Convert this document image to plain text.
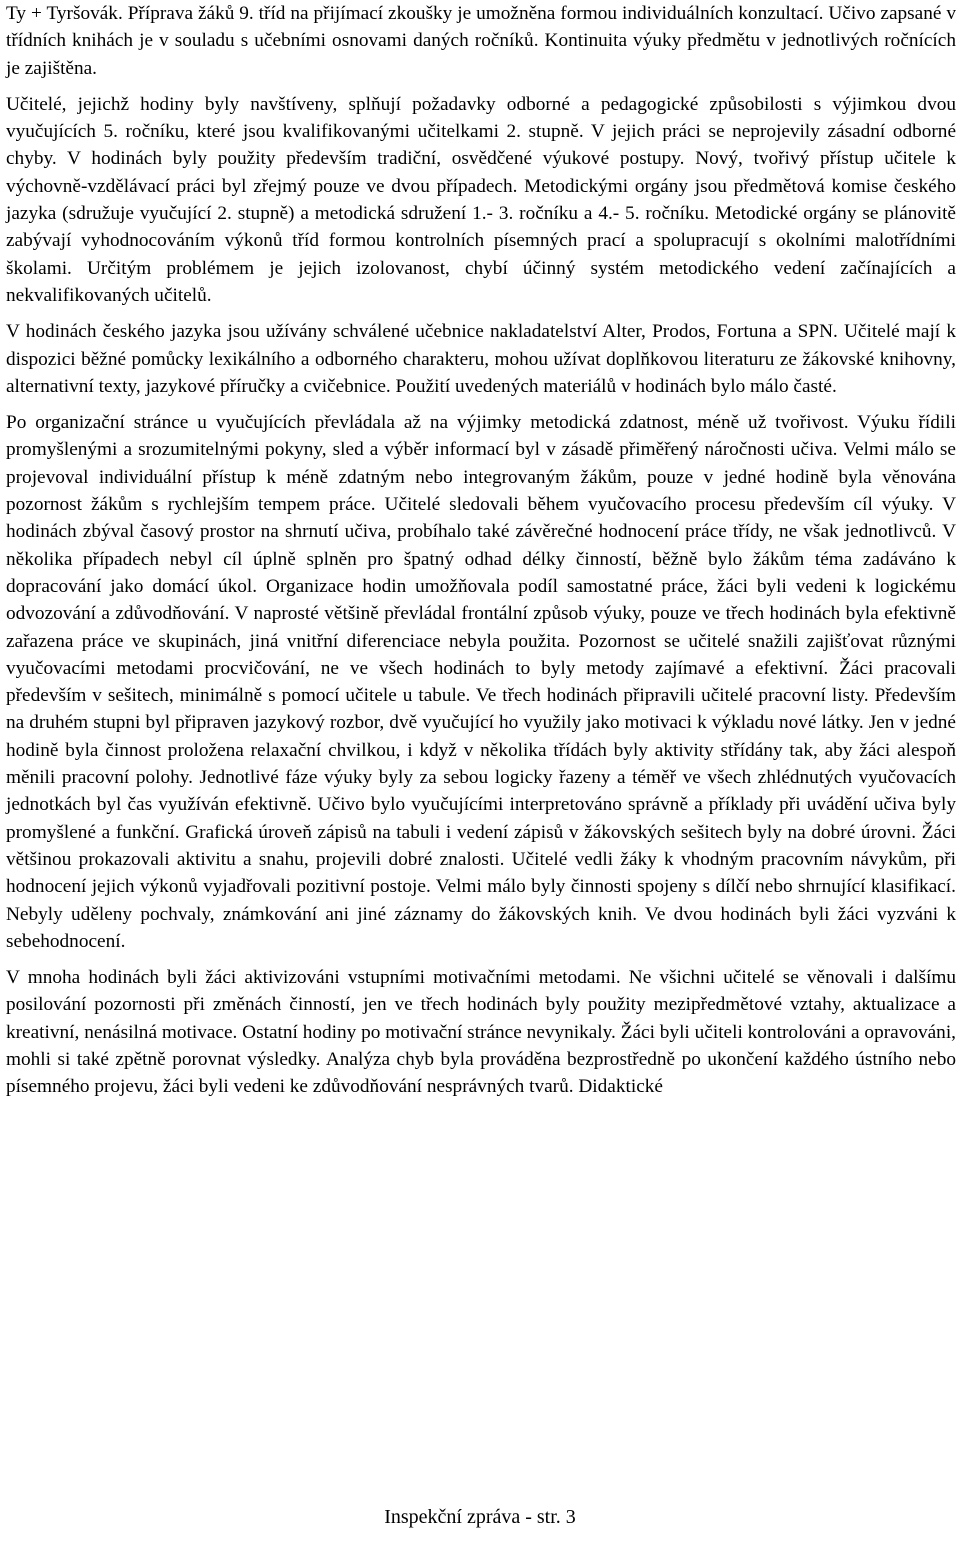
Ty + Tyršovák. Příprava žáků 9. tříd na přijímací zkoušky je umožněna formou individuálních konzultací. Učivo zapsané v třídních knihách je v souladu s učebními osnovami daných ročníků. Kontinuita výuky předmětu v jednotlivých ročnících je zajištěna.

Učitelé, jejichž hodiny byly navštíveny, splňují požadavky odborné a pedagogické způsobilosti s výjimkou dvou vyučujících 5. ročníku, které jsou kvalifikovanými učitelkami 2. stupně. V jejich práci se neprojevily zásadní odborné chyby. V hodinách byly použity především tradiční, osvědčené výukové postupy. Nový, tvořivý přístup učitele k výchovně-vzdělávací práci byl zřejmý pouze ve dvou případech. Metodickými orgány jsou předmětová komise českého jazyka (sdružuje vyučující 2. stupně) a metodická sdružení 1.- 3. ročníku a 4.- 5. ročníku. Metodické orgány se plánovitě zabývají vyhodnocováním výkonů tříd formou kontrolních písemných prací a spolupracují s okolními malotřídními školami. Určitým problémem je jejich izolovanost, chybí účinný systém metodického vedení začínajících a nekvalifikovaných učitelů.

V hodinách českého jazyka jsou užívány schválené učebnice nakladatelství Alter, Prodos, Fortuna a SPN. Učitelé mají k dispozici běžné pomůcky lexikálního a odborného charakteru, mohou užívat doplňkovou literaturu ze žákovské knihovny, alternativní texty, jazykové příručky a cvičebnice. Použití uvedených materiálů v hodinách bylo málo časté.

Po organizační stránce u vyučujících převládala až na výjimky metodická zdatnost, méně už tvořivost. Výuku řídili promyšlenými a srozumitelnými pokyny, sled a výběr informací byl v zásadě přiměřený náročnosti učiva. Velmi málo se projevoval individuální přístup k méně zdatným nebo integrovaným žákům, pouze v jedné hodině byla věnována pozornost žákům s rychlejším tempem práce. Učitelé sledovali během vyučovacího procesu především cíl výuky. V hodinách zbýval časový prostor na shrnutí učiva, probíhalo také závěrečné hodnocení práce třídy, ne však jednotlivců. V několika případech nebyl cíl úplně splněn pro špatný odhad délky činností, běžně bylo žákům téma zadáváno k dopracování jako domácí úkol. Organizace hodin umožňovala podíl samostatné práce, žáci byli vedeni k logickému odvozování a zdůvodňování. V naprosté většině převládal frontální způsob výuky, pouze ve třech hodinách byla efektivně zařazena práce ve skupinách, jiná vnitřní diferenciace nebyla použita. Pozornost se učitelé snažili zajišťovat různými vyučovacími metodami procvičování, ne ve všech hodinách to byly metody zajímavé a efektivní. Žáci pracovali především v sešitech, minimálně s pomocí učitele u tabule. Ve třech hodinách připravili učitelé pracovní listy. Především na druhém stupni byl připraven jazykový rozbor, dvě vyučující ho využily jako motivaci k výkladu nové látky. Jen v jedné hodině byla činnost proložena relaxační chvilkou, i když v několika třídách byly aktivity střídány tak, aby žáci alespoň měnili pracovní polohy. Jednotlivé fáze výuky byly za sebou logicky řazeny a téměř ve všech zhlédnutých vyučovacích jednotkách byl čas využíván efektivně. Učivo bylo vyučujícími interpretováno správně a příklady při uvádění učiva byly promyšlené a funkční. Grafická úroveň zápisů na tabuli i vedení zápisů v žákovských sešitech byly na dobré úrovni. Žáci většinou prokazovali aktivitu a snahu, projevili dobré znalosti. Učitelé vedli žáky k vhodným pracovním návykům, při hodnocení jejich výkonů vyjadřovali pozitivní postoje. Velmi málo byly činnosti spojeny s dílčí nebo shrnující klasifikací. Nebyly uděleny pochvaly, známkování ani jiné záznamy do žákovských knih. Ve dvou hodinách byli žáci vyzváni k sebehodnocení.

V mnoha hodinách byli žáci aktivizováni vstupními motivačními metodami. Ne všichni učitelé se věnovali i dalšímu posilování pozornosti při změnách činností, jen ve třech hodinách byly použity mezipředmětové vztahy, aktualizace a kreativní, nenásilná motivace. Ostatní hodiny po motivační stránce nevynikaly. Žáci byli učiteli kontrolováni a opravováni, mohli si také zpětně porovnat výsledky. Analýza chyb byla prováděna bezprostředně po ukončení každého ústního nebo písemného projevu, žáci byli vedeni ke zdůvodňování nesprávných tvarů. Didaktické

Inspekční zpráva - str. 3
